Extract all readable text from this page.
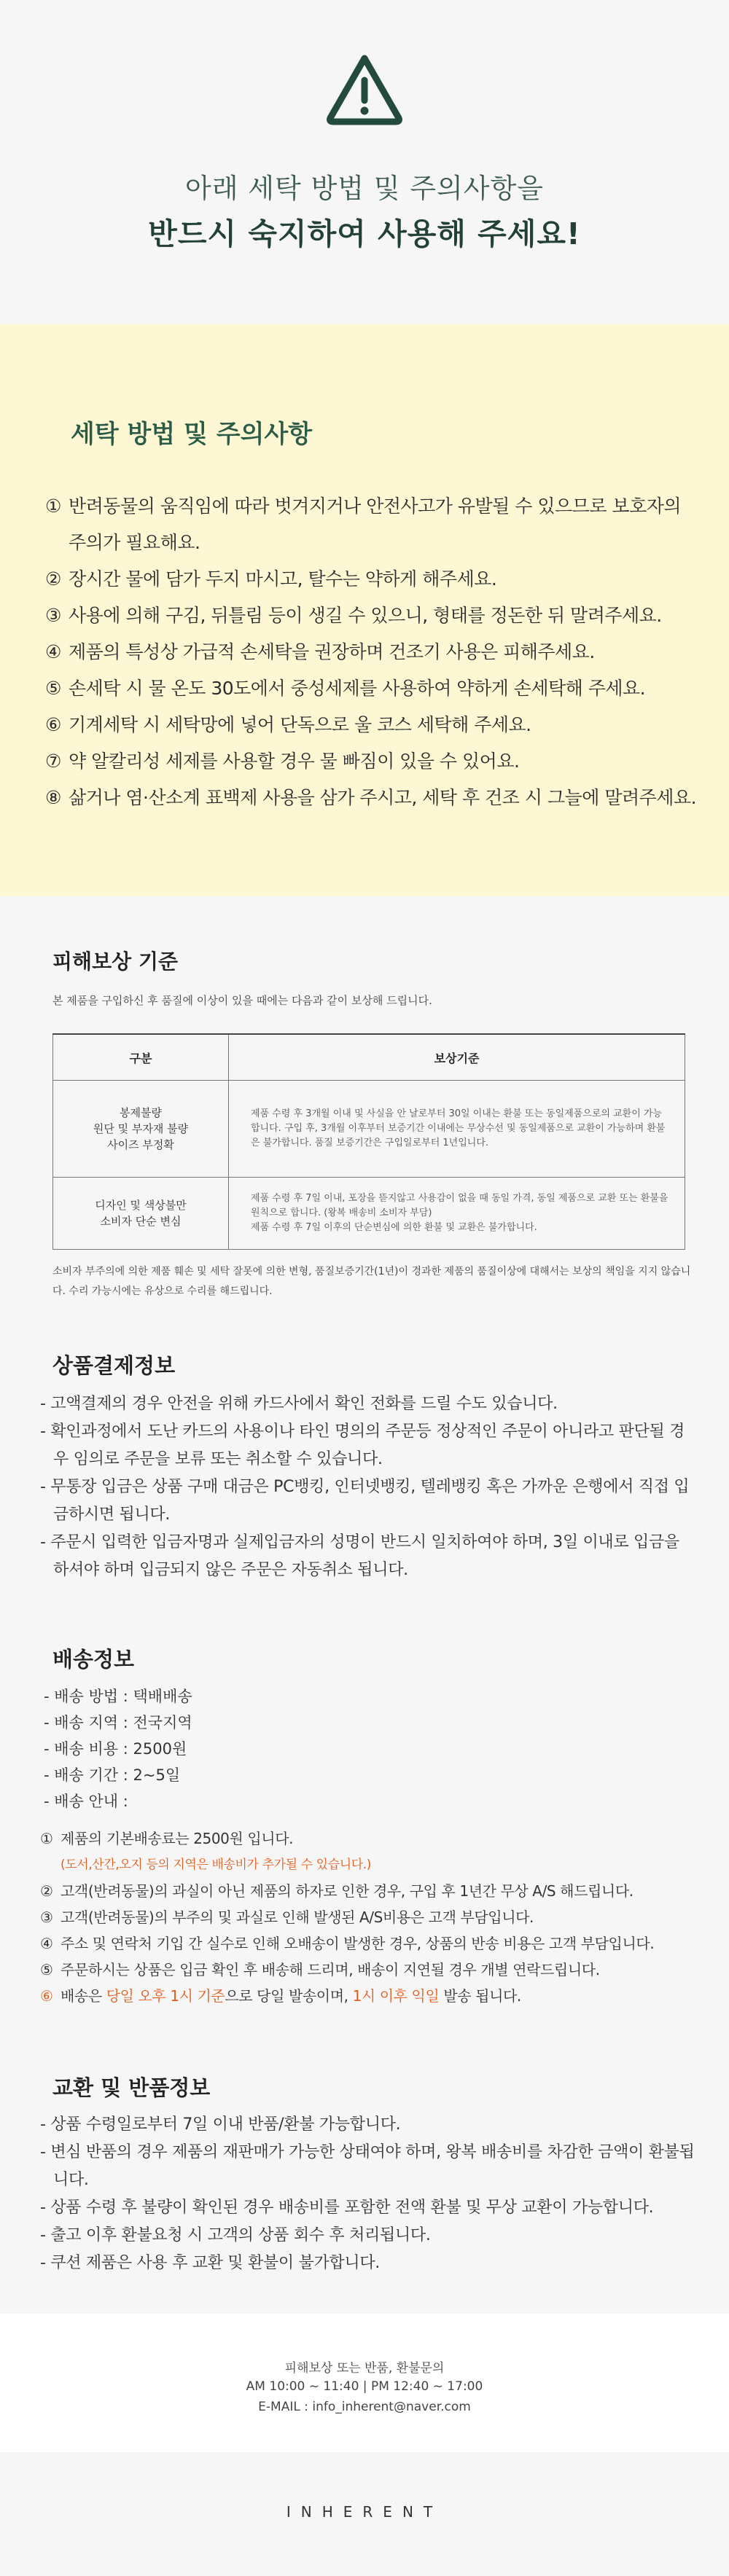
아래 세탁 방법 및 주의사항을
반드시 숙지하여 사용해 주세요!
세탁 방법 및 주의사항
① 반려동물의 움직임에 따라 벗겨지거나 안전사고가 유발될 수 있으므로 보호자의 주의가 필요해요.
② 장시간 물에 담가 두지 마시고, 탈수는 약하게 해주세요.
③ 사용에 의해 구김, 뒤틀림 등이 생길 수 있으니, 형태를 정돈한 뒤 말려주세요.
④ 제품의 특성상 가급적 손세탁을 권장하며 건조기 사용은 피해주세요.
⑤ 손세탁 시 물 온도 30도에서 중성세제를 사용하여 약하게 손세탁해 주세요.
⑥ 기계세탁 시 세탁망에 넣어 단독으로 울 코스 세탁해 주세요.
⑦ 약 알칼리성 세제를 사용할 경우 물 빠짐이 있을 수 있어요.
⑧ 삶거나 염·산소계 표백제 사용을 삼가 주시고, 세탁 후 건조 시 그늘에 말려주세요.
피해보상 기준
본 제품을 구입하신 후 품질에 이상이 있을 때에는 다음과 같이 보상해 드립니다.
구분	보상기준
봉제불량
원단 및 부자재 불량
사이즈 부정확	제품 수령 후 3개월 이내 및 사실을 안 날로부터 30일 이내는 환불 또는 동일제품으로의 교환이 가능합니다. 구입 후, 3개월 이후부터 보증기간 이내에는 무상수선 및 동일제품으로 교환이 가능하며 환불은 불가합니다. 품질 보증기간은 구입일로부터 1년입니다.
디자인 및 색상불만
소비자 단순 변심	제품 수령 후 7일 이내, 포장을 뜯지않고 사용감이 없을 때 동일 가격, 동일 제품으로 교환 또는 환불을 원칙으로 합니다. (왕복 배송비 소비자 부담)
제품 수령 후 7일 이후의 단순변심에 의한 환불 및 교환은 불가합니다.
소비자 부주의에 의한 제품 훼손 및 세탁 잘못에 의한 변형, 품질보증기간(1년)이 경과한 제품의 품질이상에 대해서는 보상의 책임을 지지 않습니다. 수리 가능시에는 유상으로 수리를 해드립니다.
상품결제정보
- 고액결제의 경우 안전을 위해 카드사에서 확인 전화를 드릴 수도 있습니다.
- 확인과정에서 도난 카드의 사용이나 타인 명의의 주문등 정상적인 주문이 아니라고 판단될 경우 임의로 주문을 보류 또는 취소할 수 있습니다.
- 무통장 입금은 상품 구매 대금은 PC뱅킹, 인터넷뱅킹, 텔레뱅킹 혹은 가까운 은행에서 직접 입금하시면 됩니다.
- 주문시 입력한 입금자명과 실제입금자의 성명이 반드시 일치하여야 하며, 3일 이내로 입금을 하셔야 하며 입금되지 않은 주문은 자동취소 됩니다.
배송정보
- 배송 방법 : 택배배송
- 배송 지역 : 전국지역
- 배송 비용 : 2500원
- 배송 기간 : 2~5일
- 배송 안내 :
① 제품의 기본배송료는 2500원 입니다.
(도서,산간,오지 등의 지역은 배송비가 추가될 수 있습니다.)
② 고객(반려동물)의 과실이 아닌 제품의 하자로 인한 경우, 구입 후 1년간 무상 A/S 해드립니다.
③ 고객(반려동물)의 부주의 및 과실로 인해 발생된 A/S비용은 고객 부담입니다.
④ 주소 및 연락처 기입 간 실수로 인해 오배송이 발생한 경우, 상품의 반송 비용은 고객 부담입니다.
⑤ 주문하시는 상품은 입금 확인 후 배송해 드리며, 배송이 지연될 경우 개별 연락드립니다.
⑥ 배송은 당일 오후 1시 기준으로 당일 발송이며, 1시 이후 익일 발송 됩니다.
교환 및 반품정보
- 상품 수령일로부터 7일 이내 반품/환불 가능합니다.
- 변심 반품의 경우 제품의 재판매가 가능한 상태여야 하며, 왕복 배송비를 차감한 금액이 환불됩니다.
- 상품 수령 후 불량이 확인된 경우 배송비를 포함한 전액 환불 및 무상 교환이 가능합니다.
- 출고 이후 환불요청 시 고객의 상품 회수 후 처리됩니다.
- 쿠션 제품은 사용 후 교환 및 환불이 불가합니다.
피해보상 또는 반품, 환불문의
AM 10:00 ~ 11:40 | PM 12:40 ~ 17:00
E-MAIL : info_inherent@naver.com
INHERENT
